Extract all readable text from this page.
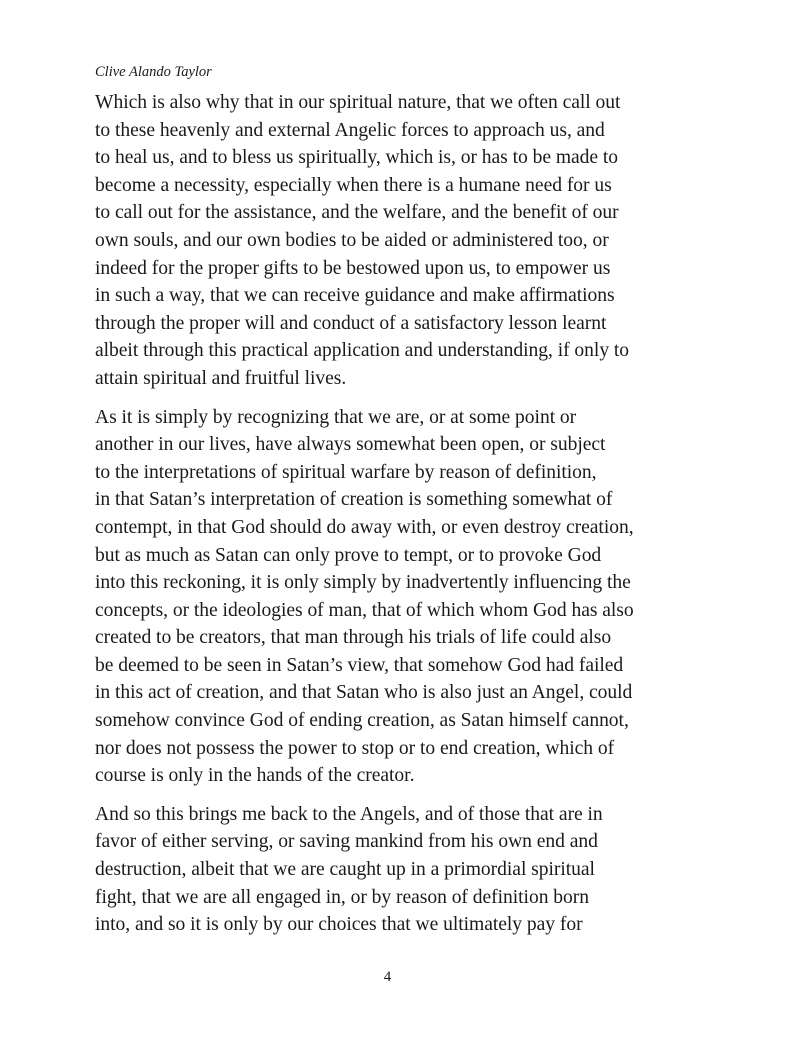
Clive Alando Taylor
Which is also why that in our spiritual nature, that we often call out
to these heavenly and external Angelic forces to approach us, and
to heal us, and to bless us spiritually, which is, or has to be made to
become a necessity, especially when there is a humane need for us
to call out for the assistance, and the welfare, and the benefit of our
own souls, and our own bodies to be aided or administered too, or
indeed for the proper gifts to be bestowed upon us, to empower us
in such a way, that we can receive guidance and make affirmations
through the proper will and conduct of a satisfactory lesson learnt
albeit through this practical application and understanding, if only to
attain spiritual and fruitful lives.
As it is simply by recognizing that we are, or at some point or
another in our lives, have always somewhat been open, or subject
to the interpretations of spiritual warfare by reason of definition,
in that Satan’s interpretation of creation is something somewhat of
contempt, in that God should do away with, or even destroy creation,
but as much as Satan can only prove to tempt, or to provoke God
into this reckoning, it is only simply by inadvertently influencing the
concepts, or the ideologies of man, that of which whom God has also
created to be creators, that man through his trials of life could also
be deemed to be seen in Satan’s view, that somehow God had failed
in this act of creation, and that Satan who is also just an Angel, could
somehow convince God of ending creation, as Satan himself cannot,
nor does not possess the power to stop or to end creation, which of
course is only in the hands of the creator.
And so this brings me back to the Angels, and of those that are in
favor of either serving, or saving mankind from his own end and
destruction, albeit that we are caught up in a primordial spiritual
fight, that we are all engaged in, or by reason of definition born
into, and so it is only by our choices that we ultimately pay for
4
